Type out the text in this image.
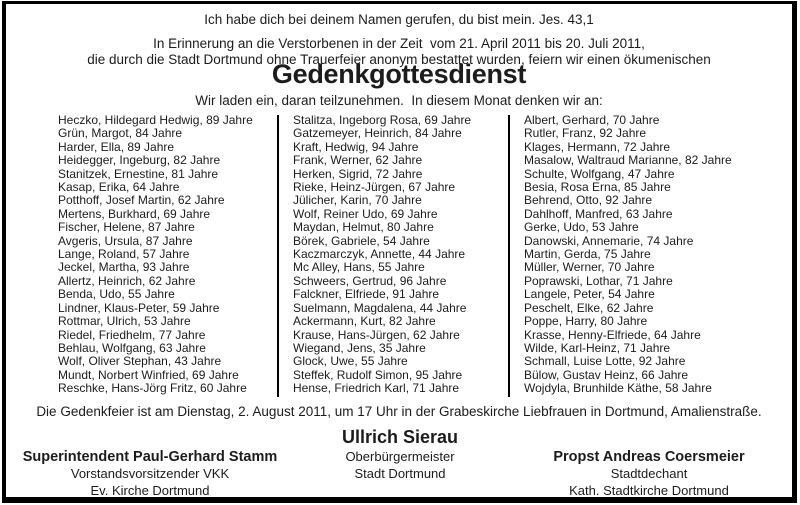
Ich habe dich bei deinem Namen gerufen, du bist mein. Jes. 43,1

In Erinnerung an die Verstorbenen in der Zeit  vom 21. April 2011 bis 20. Juli 2011,

die durch die Stadt Dortmund ohne Trauerfeier anonym bestattet wurden, feiern wir einen ökumenischen

Gedenkgottesdienst

Wir laden ein, daran teilzunehmen.  In diesem Monat denken wir an:

Heczko, Hildegard Hedwig, 89 Jahre
Grün, Margot, 84 Jahre
Harder, Ella, 89 Jahre
Heidegger, Ingeburg, 82 Jahre
Stanitzek, Ernestine, 81 Jahre
Kasap, Erika, 64 Jahre
Potthoff, Josef Martin, 62 Jahre
Mertens, Burkhard, 69 Jahre
Fischer, Helene, 87 Jahre
Avgeris, Ursula, 87 Jahre
Lange, Roland, 57 Jahre
Jeckel, Martha, 93 Jahre
Allertz, Heinrich, 62 Jahre
Benda, Udo, 55 Jahre
Lindner, Klaus-Peter, 59 Jahre
Rottmar, Ulrich, 53 Jahre
Riedel, Friedhelm, 77 Jahre
Behlau, Wolfgang, 63 Jahre
Wolf, Oliver Stephan, 43 Jahre
Mundt, Norbert Winfried, 69 Jahre
Reschke, Hans-Jörg Fritz, 60 Jahre
Stalitza, Ingeborg Rosa, 69 Jahre
Gatzemeyer, Heinrich, 84 Jahre
Kraft, Hedwig, 94 Jahre
Frank, Werner, 62 Jahre
Herken, Sigrid, 72 Jahre
Rieke, Heinz-Jürgen, 67 Jahre
Jülicher, Karin, 70 Jahre
Wolf, Reiner Udo, 69 Jahre
Maydan, Helmut, 80 Jahre
Börek, Gabriele, 54 Jahre
Kaczmarczyk, Annette, 44 Jahre
Mc Alley, Hans, 55 Jahre
Schweers, Gertrud, 96 Jahre
Falckner, Elfriede, 91 Jahre
Suelmann, Magdalena, 44 Jahre
Ackermann, Kurt, 82 Jahre
Krause, Hans-Jürgen, 62 Jahre
Wiegand, Jens, 35 Jahre
Glock, Uwe, 55 Jahre
Steffek, Rudolf Simon, 95 Jahre
Hense, Friedrich Karl, 71 Jahre
Albert, Gerhard, 70 Jahre
Rutler, Franz, 92 Jahre
Klages, Hermann, 72 Jahre
Masalow, Waltraud Marianne, 82 Jahre
Schulte, Wolfgang, 47 Jahre
Besia, Rosa Erna, 85 Jahre
Behrend, Otto, 92 Jahre
Dahlhoff, Manfred, 63 Jahre
Gerke, Udo, 53 Jahre
Danowski, Annemarie, 74 Jahre
Martin, Gerda, 75 Jahre
Müller, Werner, 70 Jahre
Poprawski, Lothar, 71 Jahre
Langele, Peter, 54 Jahre
Peschelt, Elke, 62 Jahre
Poppe, Harry, 80 Jahre
Krasse, Henny-Elfriede, 64 Jahre
Wilde, Karl-Heinz, 71 Jahre
Schmall, Luise Lotte, 92 Jahre
Bülow, Gustav Heinz, 66 Jahre
Wojdyla, Brunhilde Käthe, 58 Jahre

Die Gedenkfeier ist am Dienstag, 2. August 2011, um 17 Uhr in der Grabeskirche Liebfrauen in Dortmund, Amalienstraße.

Ullrich Sierau
Superintendent Paul-Gerhard Stamm
Vorstandsvorsitzender VKK
Ev. Kirche Dortmund
Oberbürgermeister
Stadt Dortmund
Propst Andreas Coersmeier
Stadtdechant
Kath. Stadtkirche Dortmund
